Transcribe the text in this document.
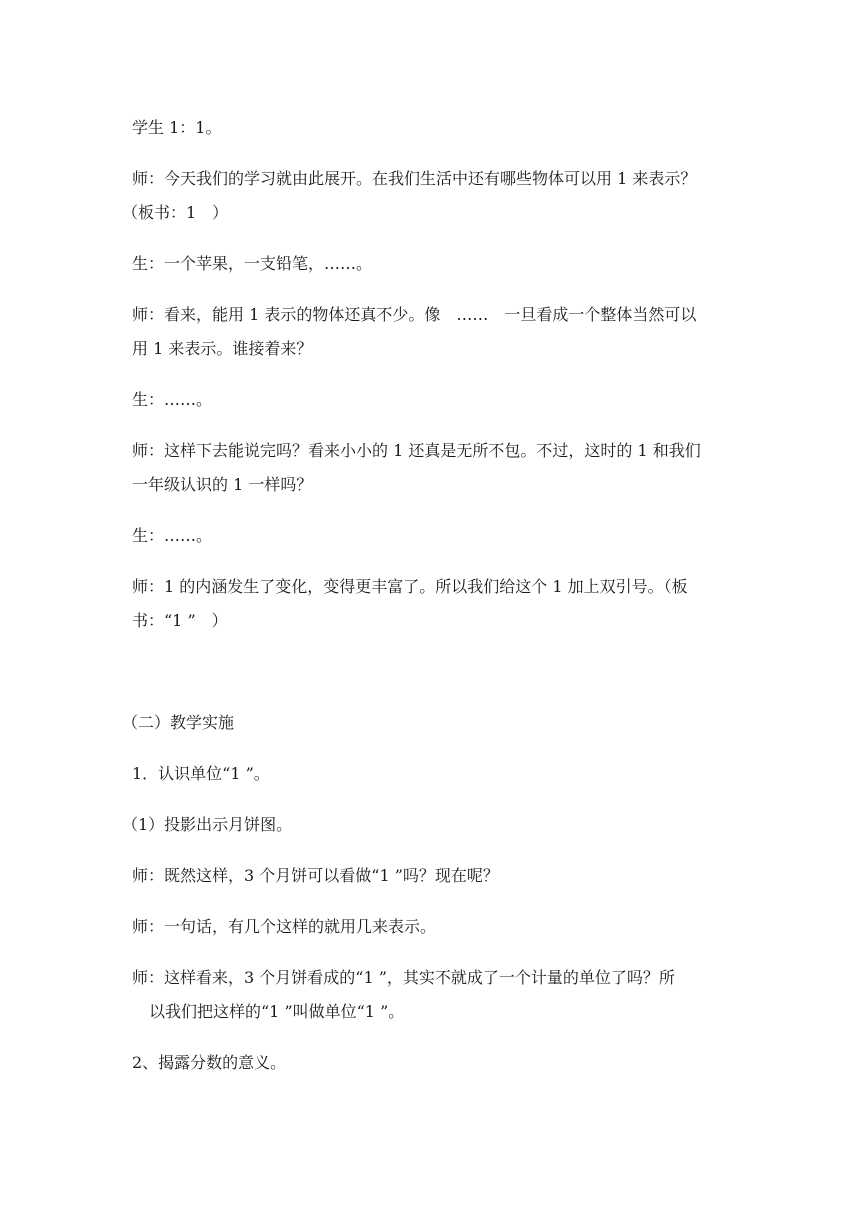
学生 1：1。
师：今天我们的学习就由此展开。在我们生活中还有哪些物体可以用 1 来表示？
（板书：1　）
生：一个苹果，一支铅笔，……。
师：看来，能用 1 表示的物体还真不少。像　……　一旦看成一个整体当然可以
用 1 来表示。谁接着来？
生：……。
师：这样下去能说完吗？看来小小的 1 还真是无所不包。不过，这时的 1 和我们
一年级认识的 1 一样吗？
生：……。
师：1 的内涵发生了变化，变得更丰富了。所以我们给这个 1 加上双引号。（板
书：“1 ”　）
（二）教学实施
1．认识单位“1 ”。
（1）投影出示月饼图。
师：既然这样，3 个月饼可以看做“1 ”吗？现在呢？
师：一句话，有几个这样的就用几来表示。
师：这样看来，3 个月饼看成的“1 ”，其实不就成了一个计量的单位了吗？所
以我们把这样的“1 ”叫做单位“1 ”。
2、揭露分数的意义。
